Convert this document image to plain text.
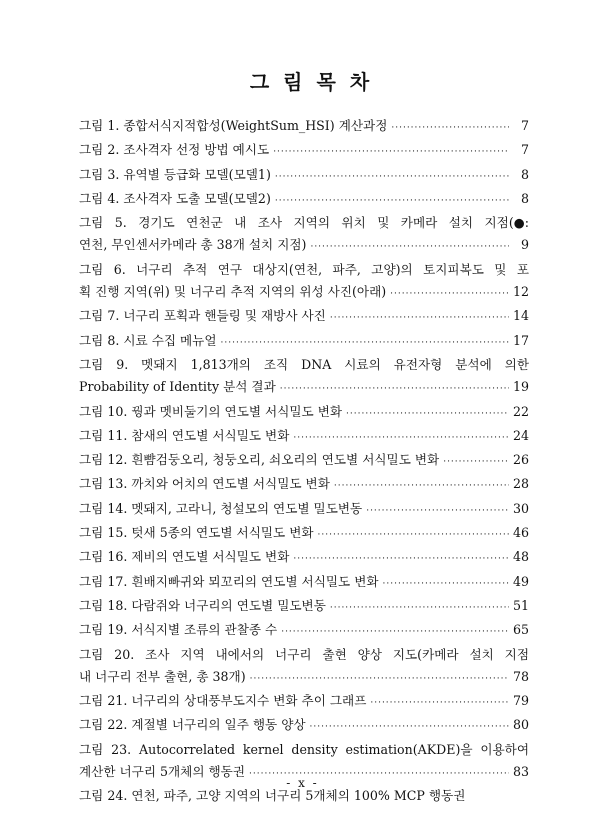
그림목차
그림 1. 종합서식지적합성(WeightSum_HSI) 계산과정 ·····	7
그림 2. 조사격자 선정 방법 예시도 ·····	7
그림 3. 유역별 등급화 모델(모델1) ·····	8
그림 4. 조사격자 도출 모델(모델2) ·····	8
그림 5. 경기도 연천군 내 조사 지역의 위치 및 카메라 설치 지점(●:
연천, 무인센서카메라 총 38개 설치 지점) ·····	9
그림 6. 너구리 추적 연구 대상지(연천, 파주, 고양)의 토지피복도 및 포
획 진행 지역(위) 및 너구리 추적 지역의 위성 사진(아래) ·····	12
그림 7. 너구리 포획과 핸들링 및 재방사 사진 ·····	14
그림 8. 시료 수집 메뉴얼 ·····	17
그림 9. 멧돼지 1,813개의 조직 DNA 시료의 유전자형 분석에 의한
Probability of Identity 분석 결과 ·····	19
그림 10. 꿩과 멧비둘기의 연도별 서식밀도 변화 ·····	22
그림 11. 참새의 연도별 서식밀도 변화 ·····	24
그림 12. 흰뺨검둥오리, 청둥오리, 쇠오리의 연도별 서식밀도 변화 ·····	26
그림 13. 까치와 어치의 연도별 서식밀도 변화 ·····	28
그림 14. 멧돼지, 고라니, 청설모의 연도별 밀도변동 ·····	30
그림 15. 텃새 5종의 연도별 서식밀도 변화 ·····	46
그림 16. 제비의 연도별 서식밀도 변화 ·····	48
그림 17. 흰배지빠귀와 뫼꼬리의 연도별 서식밀도 변화 ·····	49
그림 18. 다람쥐와 너구리의 연도별 밀도변동 ·····	51
그림 19. 서식지별 조류의 관찰종 수 ·····	65
그림 20. 조사 지역 내에서의 너구리 출현 양상 지도(카메라 설치 지점
내 너구리 전부 출현, 총 38개) ·····	78
그림 21. 너구리의 상대풍부도지수 변화 추이 그래프 ·····	79
그림 22. 계절별 너구리의 일주 행동 양상 ·····	80
그림 23. Autocorrelated kernel density estimation(AKDE)을 이용하여
계산한 너구리 5개체의 행동권 ·····	83
그림 24. 연천, 파주, 고양 지역의 너구리 5개체의 100% MCP 행동권
- x -
